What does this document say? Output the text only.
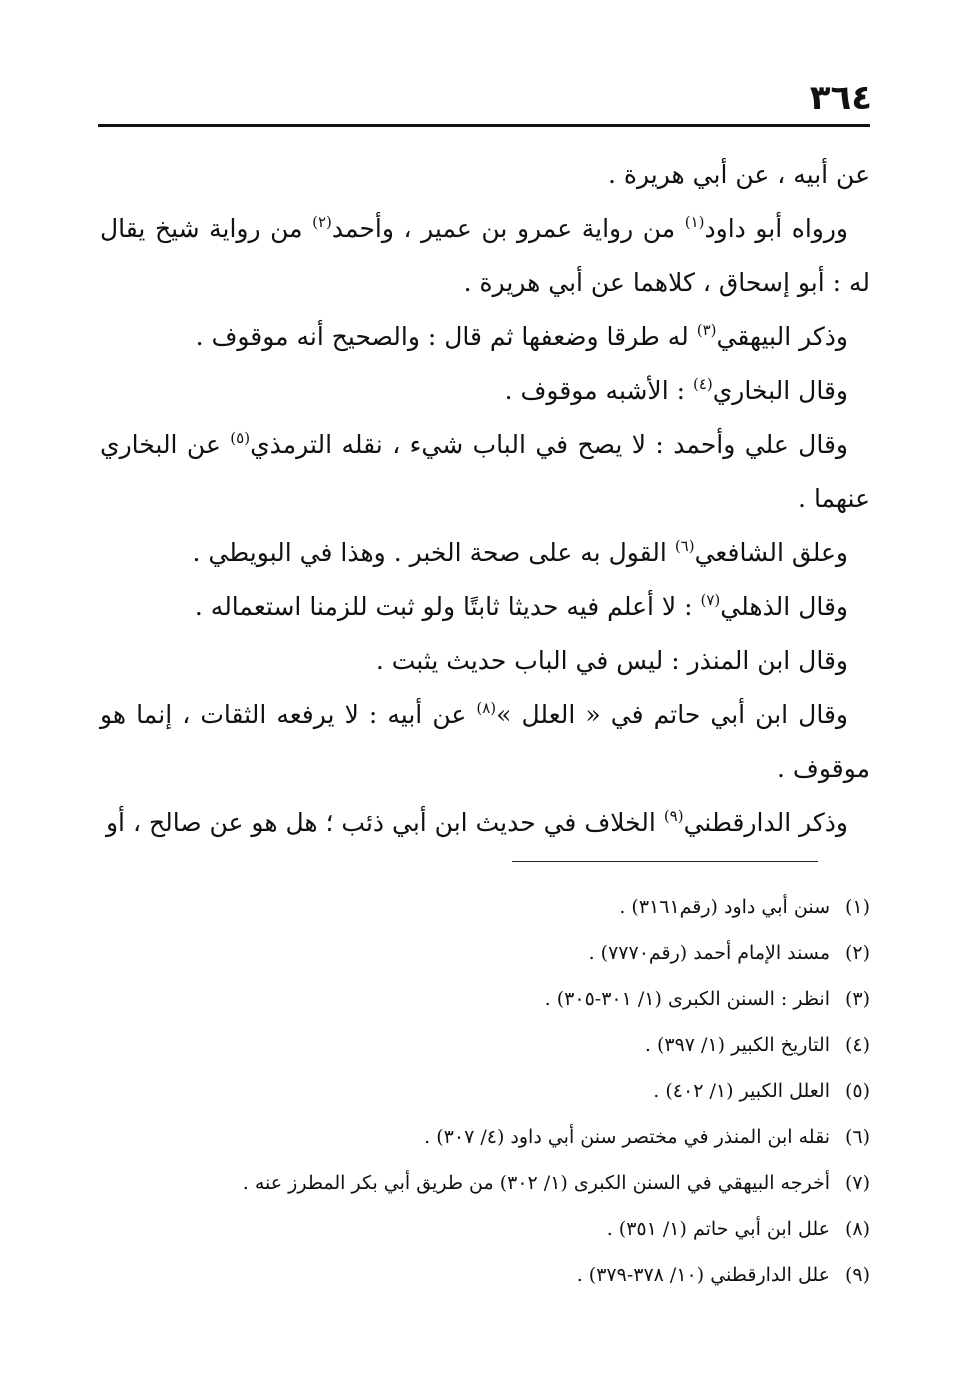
٣٦٤

عن أبيه ، عن أبي هريرة .

ورواه أبو داود$^{(١)}$ من رواية عمرو بن عمير ، وأحمد$^{(٢)}$ من رواية شيخ يقال له : أبو إسحاق ، كلاهما عن أبي هريرة .

وذكر البيهقي$^{(٣)}$ له طرقا وضعفها ثم قال : والصحيح أنه موقوف .

وقال البخاري$^{(٤)}$ : الأشبه موقوف .

وقال علي وأحمد : لا يصح في الباب شيء ، نقله الترمذي$^{(٥)}$ عن البخاري عنهما .

وعلق الشافعي$^{(٦)}$ القول به على صحة الخبر . وهذا في البويطي .

وقال الذهلي$^{(٧)}$ : لا أعلم فيه حديثا ثابتًا ولو ثبت للزمنا استعماله .

وقال ابن المنذر : ليس في الباب حديث يثبت .

وقال ابن أبي حاتم في « العلل »$^{(٨)}$ عن أبيه : لا يرفعه الثقات ، إنما هو موقوف .

وذكر الدارقطني$^{(٩)}$ الخلاف في حديث ابن أبي ذئب ؛ هل هو عن صالح ، أو

(١)سنن أبي داود (رقم٣١٦١) .
(٢)مسند الإمام أحمد (رقم٧٧٧٠) .
(٣)انظر : السنن الكبرى (١/ ٣٠١-٣٠٥) .
(٤)التاريخ الكبير (١/ ٣٩٧) .
(٥)العلل الكبير (١/ ٤٠٢) .
(٦)نقله ابن المنذر في مختصر سنن أبي داود (٤/ ٣٠٧) .
(٧)أخرجه البيهقي في السنن الكبرى (١/ ٣٠٢) من طريق أبي بكر المطرز عنه .
(٨)علل ابن أبي حاتم (١/ ٣٥١) .
(٩)علل الدارقطني (١٠/ ٣٧٨-٣٧٩) .
